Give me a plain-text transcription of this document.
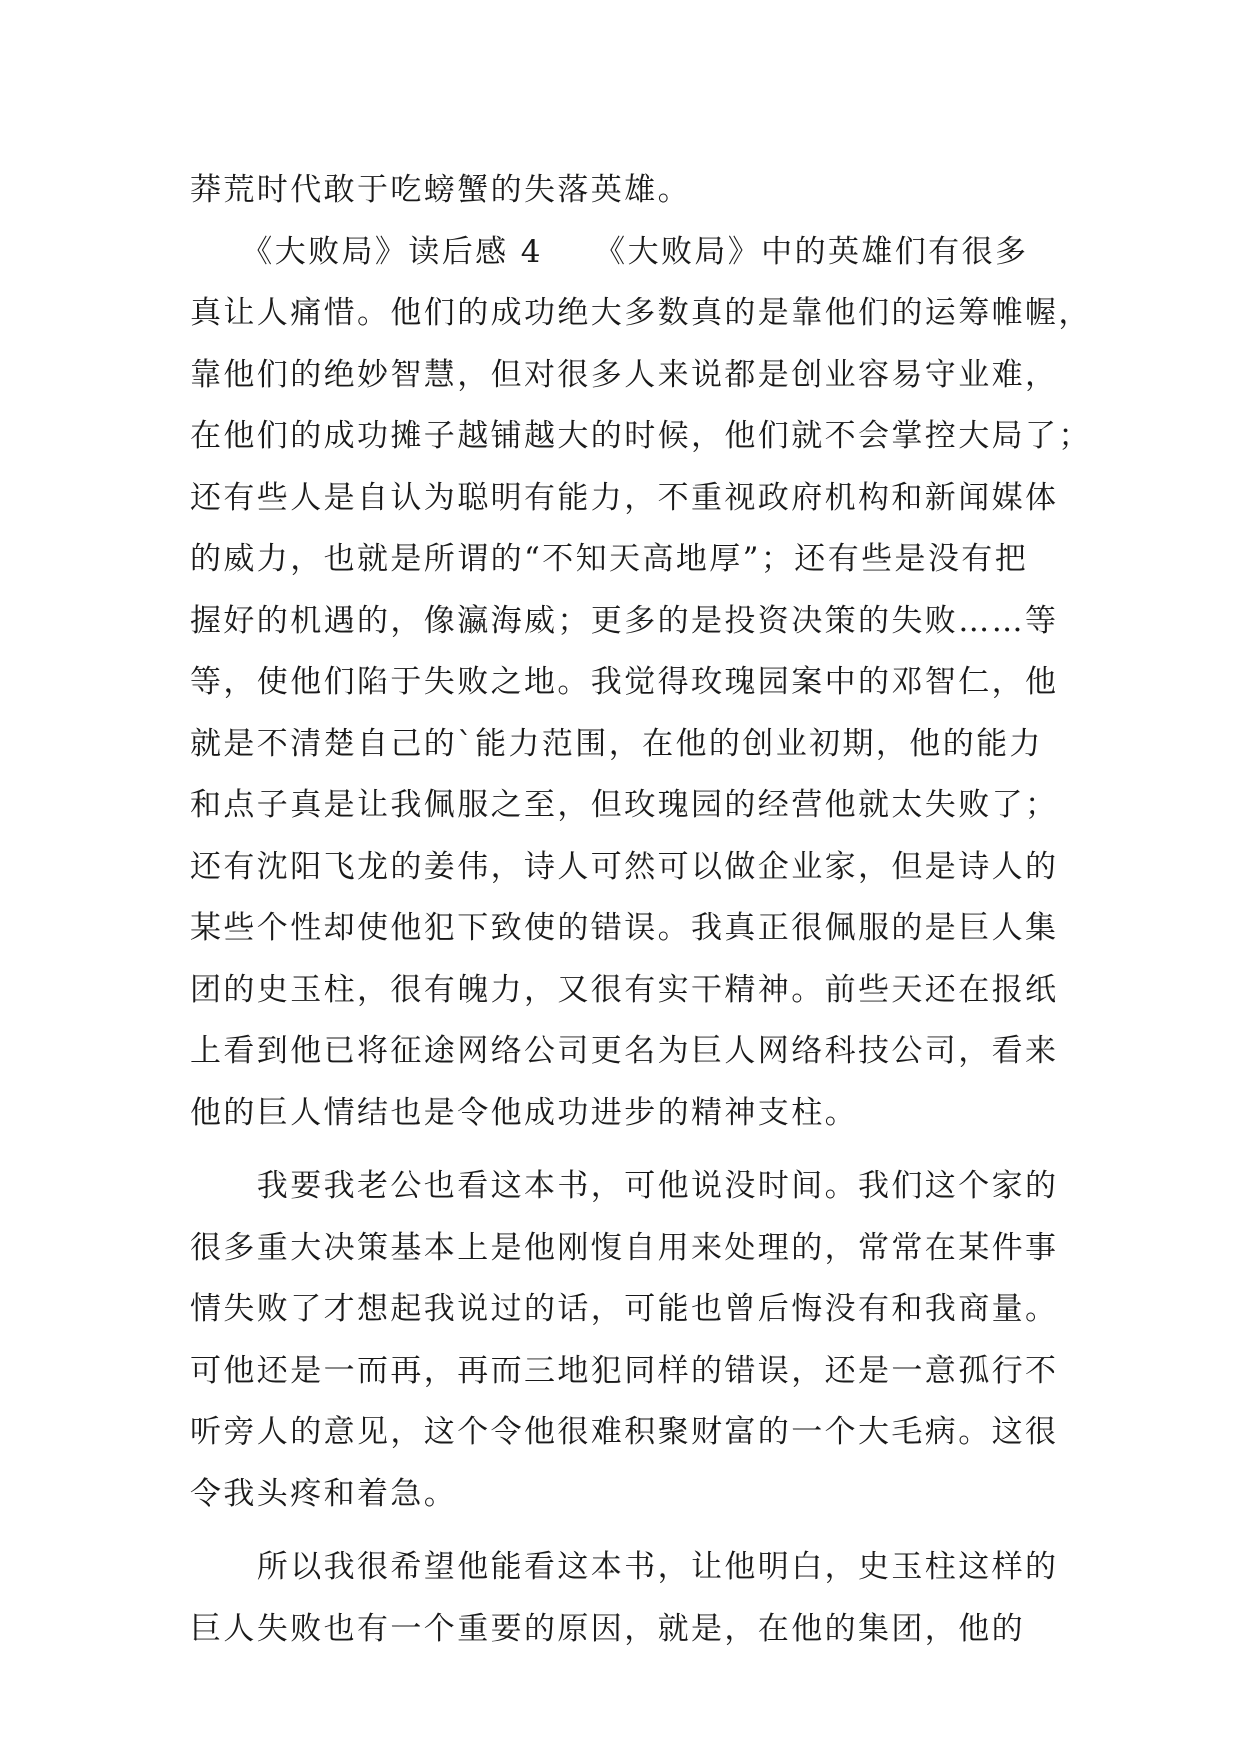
莽荒时代敢于吃螃蟹的失落英雄。
　　《大败局》读后感 4　　《大败局》中的英雄们有很多
真让人痛惜。他们的成功绝大多数真的是靠他们的运筹帷幄，
靠他们的绝妙智慧，但对很多人来说都是创业容易守业难，
在他们的成功摊子越铺越大的时候，他们就不会掌控大局了；
还有些人是自认为聪明有能力，不重视政府机构和新闻媒体
的威力，也就是所谓的“不知天高地厚”；还有些是没有把
握好的机遇的，像瀛海威；更多的是投资决策的失败……等
等，使他们陷于失败之地。我觉得玫瑰园案中的邓智仁，他
就是不清楚自己的`能力范围，在他的创业初期，他的能力
和点子真是让我佩服之至，但玫瑰园的经营他就太失败了；
还有沈阳飞龙的姜伟，诗人可然可以做企业家，但是诗人的
某些个性却使他犯下致使的错误。我真正很佩服的是巨人集
团的史玉柱，很有魄力，又很有实干精神。前些天还在报纸
上看到他已将征途网络公司更名为巨人网络科技公司，看来
他的巨人情结也是令他成功进步的精神支柱。
　　我要我老公也看这本书，可他说没时间。我们这个家的
很多重大决策基本上是他刚愎自用来处理的，常常在某件事
情失败了才想起我说过的话，可能也曾后悔没有和我商量。
可他还是一而再，再而三地犯同样的错误，还是一意孤行不
听旁人的意见，这个令他很难积聚财富的一个大毛病。这很
令我头疼和着急。
　　所以我很希望他能看这本书，让他明白，史玉柱这样的
巨人失败也有一个重要的原因，就是，在他的集团，他的
